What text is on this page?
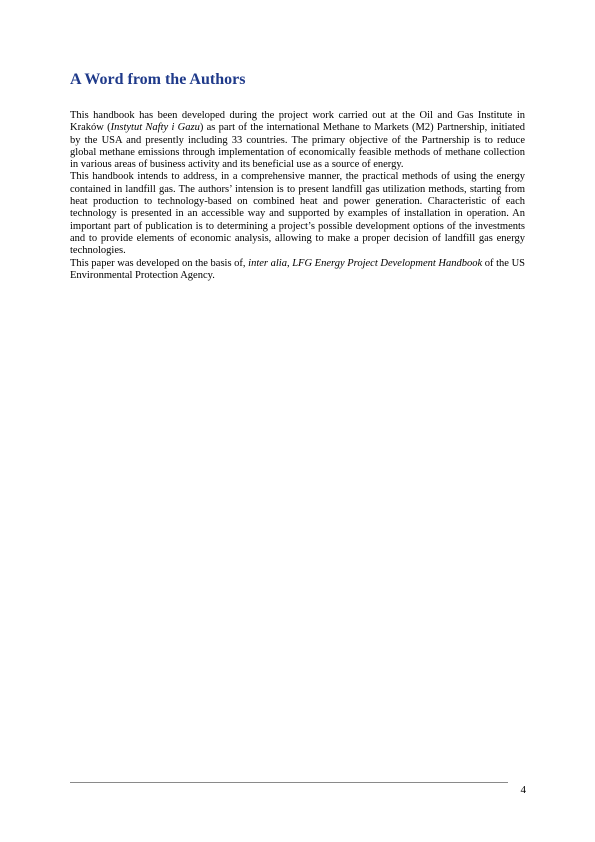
A Word from the Authors

This handbook has been developed during the project work carried out at the Oil and Gas Institute in Kraków (Instytut Nafty i Gazu) as part of the international Methane to Markets (M2) Partnership, initiated by the USA and presently including 33 countries. The primary objective of the Partnership is to reduce global methane emissions through implementation of economically feasible methods of methane collection in various areas of business activity and its beneficial use as a source of energy.

This handbook intends to address, in a comprehensive manner, the practical methods of using the energy contained in landfill gas. The authors’ intension is to present landfill gas utilization methods, starting from heat production to technology-based on combined heat and power generation. Characteristic of each technology is presented in an accessible way and supported by examples of installation in operation. An important part of publication is to determining a project’s possible development options of the investments and to provide elements of economic analysis, allowing to make a proper decision of landfill gas energy technologies.

This paper was developed on the basis of, inter alia, LFG Energy Project Development Handbook of the US Environmental Protection Agency.

4
